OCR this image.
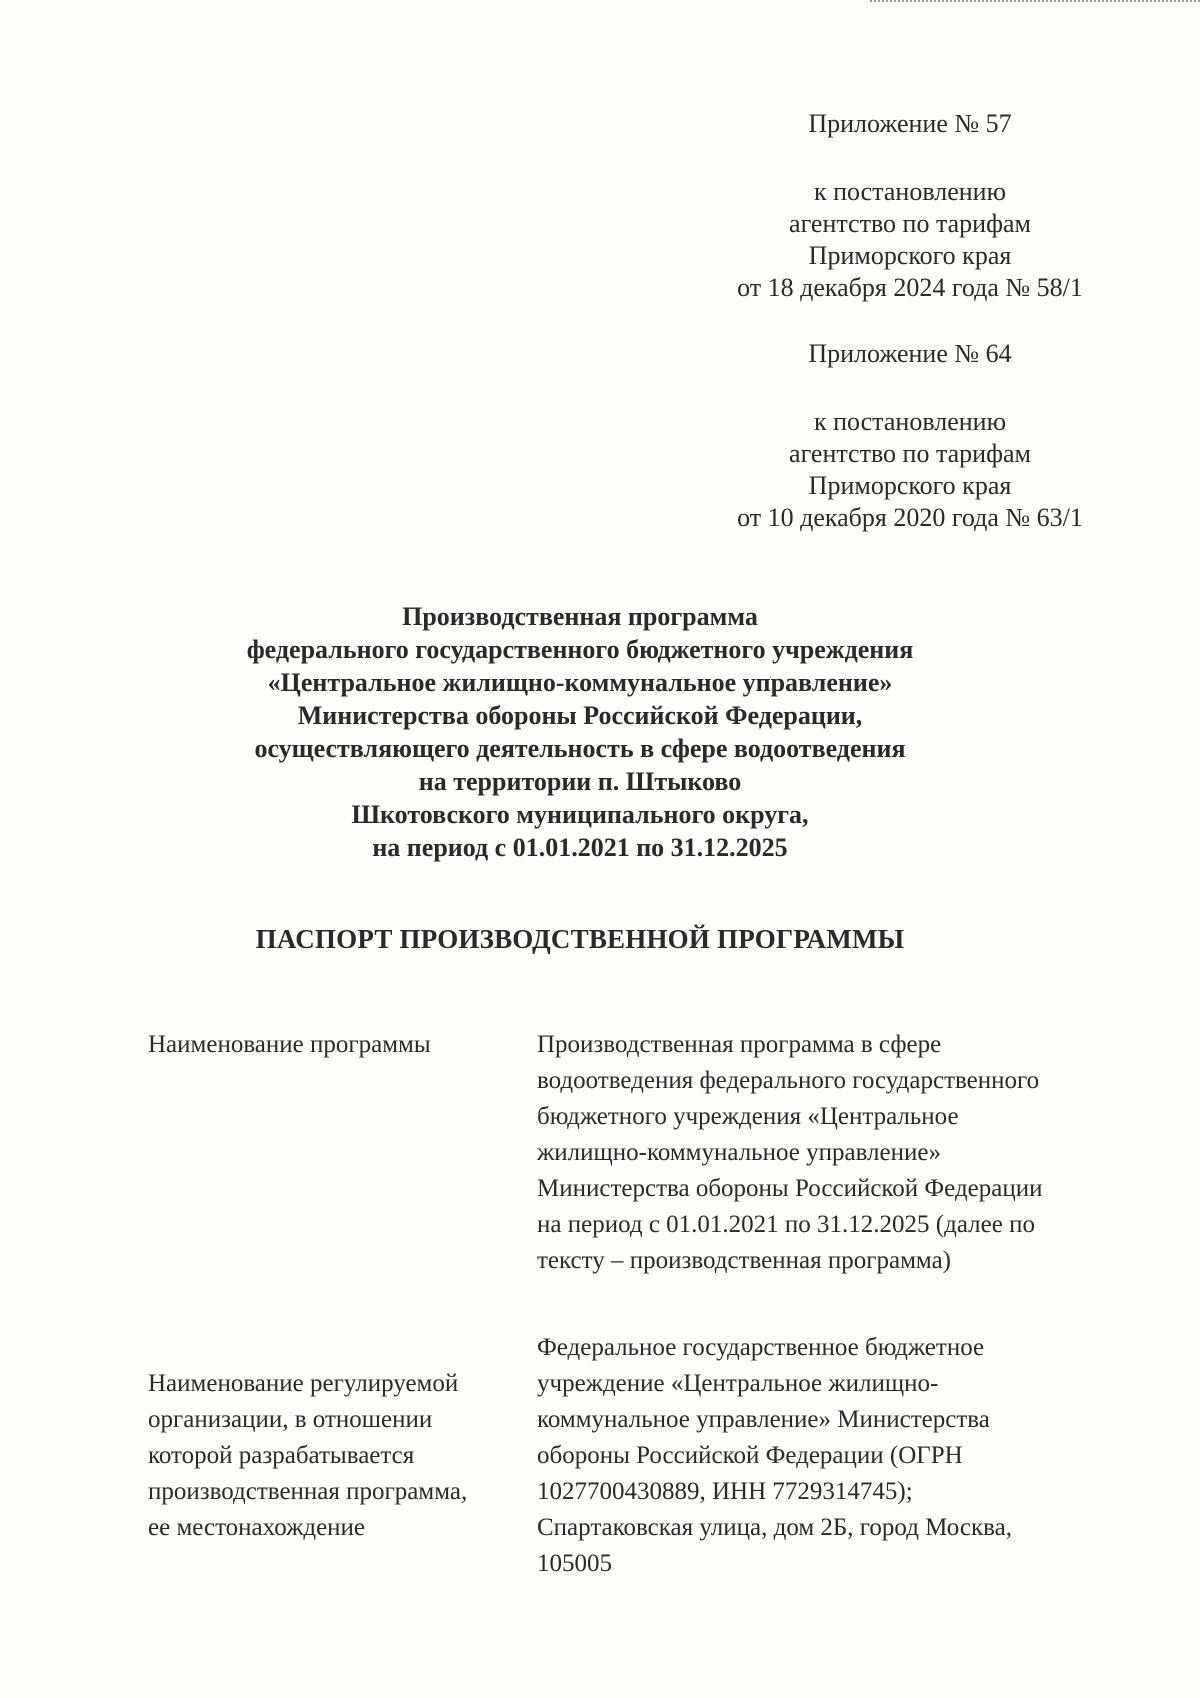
Приложение № 57
к постановлению
агентство по тарифам
Приморского края
от 18 декабря 2024 года № 58/1
Приложение № 64
к постановлению
агентство по тарифам
Приморского края
от 10 декабря 2020 года № 63/1
Производственная программа
федерального государственного бюджетного учреждения
«Центральное жилищно-коммунальное управление»
Министерства обороны Российской Федерации,
осуществляющего деятельность в сфере водоотведения
на территории п. Штыково
Шкотовского муниципального округа,
на период с 01.01.2021 по 31.12.2025
ПАСПОРТ ПРОИЗВОДСТВЕННОЙ ПРОГРАММЫ
Наименование программы	Производственная программа в сфере
водоотведения федерального государственного
бюджетного учреждения «Центральное
жилищно-коммунальное управление»
Министерства обороны Российской Федерации
на период с 01.01.2021 по 31.12.2025 (далее по
тексту – производственная программа)
Наименование регулируемой
организации, в отношении
которой разрабатывается
производственная программа,
ее местонахождение
Федеральное государственное бюджетное
учреждение «Центральное жилищно-
коммунальное управление» Министерства
обороны Российской Федерации (ОГРН
1027700430889, ИНН 7729314745);
Спартаковская улица, дом 2Б, город Москва,
105005
